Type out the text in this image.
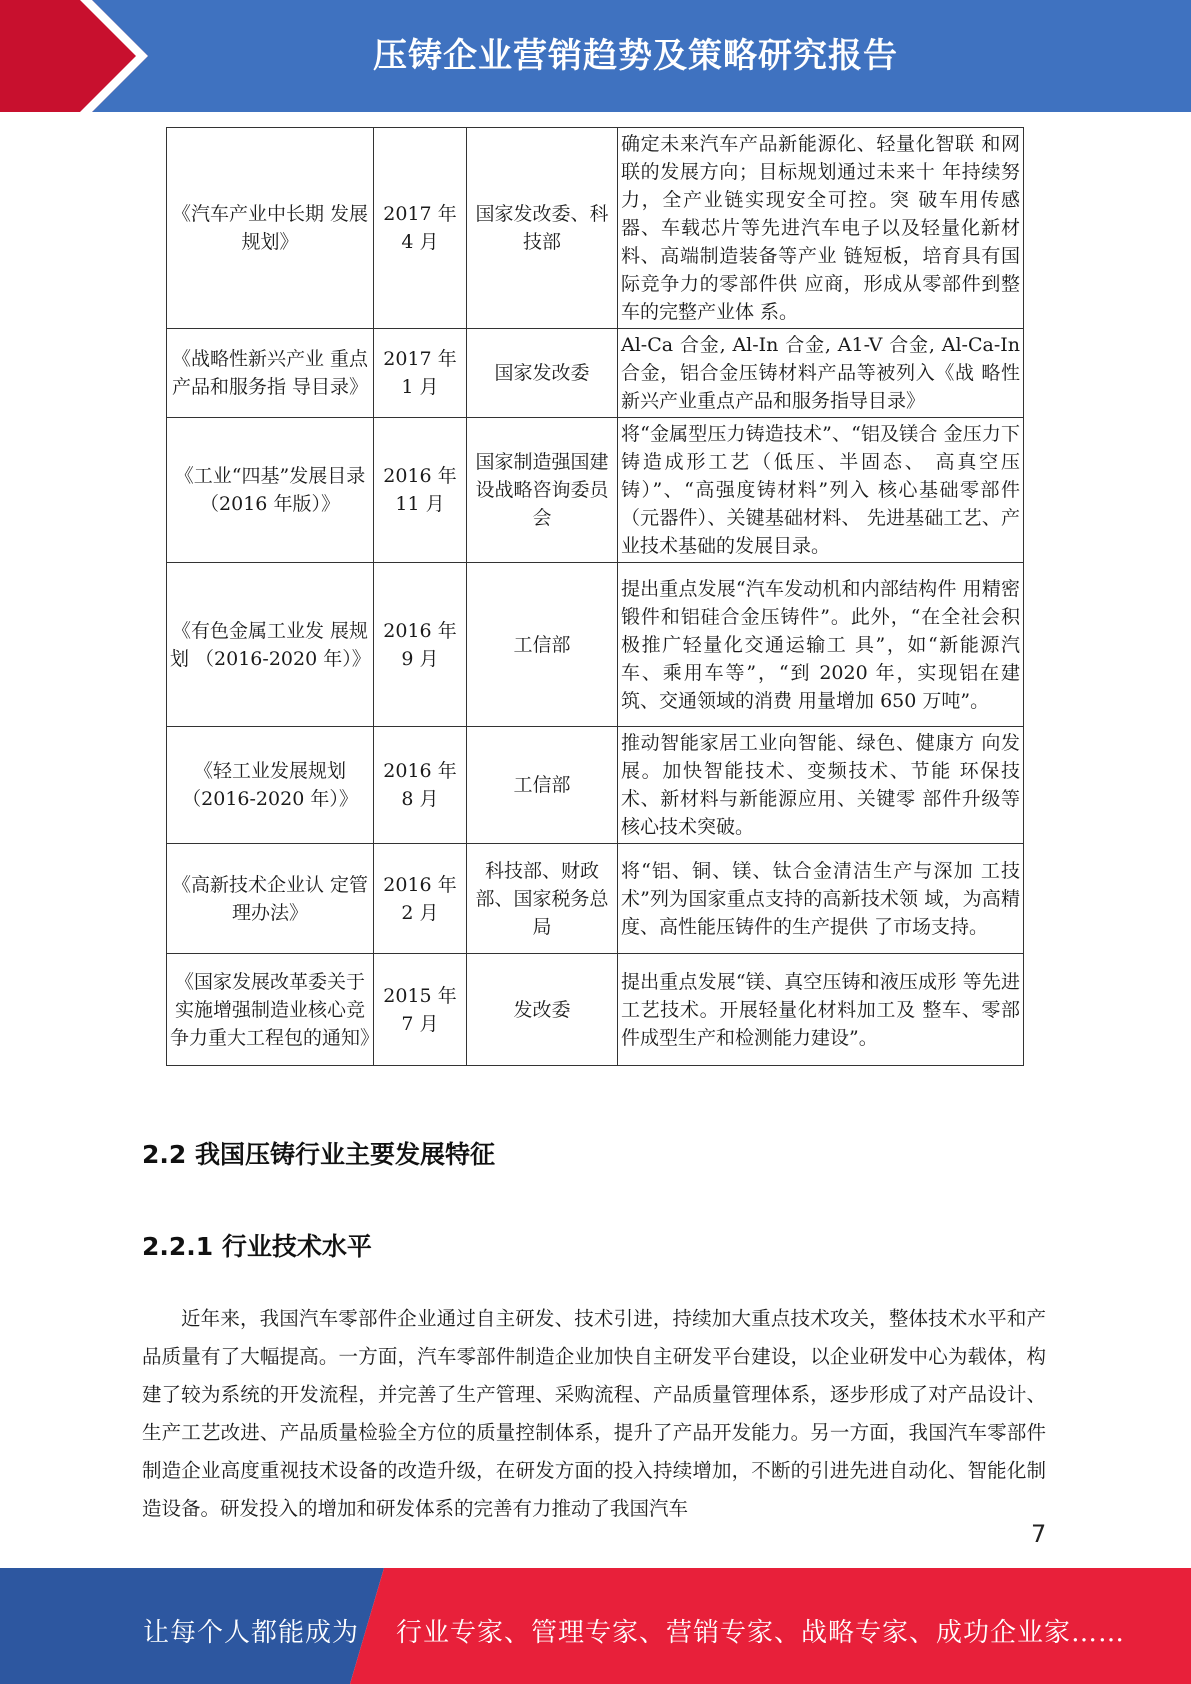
压铸企业营销趋势及策略研究报告
《汽车产业中长期 发展规划》	2017 年 4 月	国家发改委、科技部	确定未来汽车产品新能源化、轻量化智联 和网联的发展方向；目标规划通过未来十 年持续努力，全产业链实现安全可控。突 破车用传感器、车载芯片等先进汽车电子以及轻量化新材料、高端制造装备等产业 链短板，培育具有国际竞争力的零部件供 应商，形成从零部件到整车的完整产业体 系。
《战略性新兴产业 重点产品和服务指 导目录》	2017 年 1 月	国家发改委	Al-Ca 合金, Al-In 合金, A1-V 合金, Al-Ca-In 合金，铝合金压铸材料产品等被列入《战 略性新兴产业重点产品和服务指导目录》
《工业“四基”发展目录（2016 年版）》	2016 年 11 月	国家制造强国建设战略咨询委员会	将“金属型压力铸造技术”、“铝及镁合 金压力下铸造成形工艺（低压、半固态、 高真空压铸）”、“高强度铸材料”列入 核心基础零部件（元器件）、关键基础材料、 先进基础工艺、产业技术基础的发展目录。
《有色金属工业发 展规划 （2016-2020 年）》	2016 年 9 月	工信部	提出重点发展“汽车发动机和内部结构件 用精密锻件和铝硅合金压铸件”。此外，“在全社会积极推广轻量化交通运输工 具”，如“新能源汽车、乘用车等”，“到 2020 年，实现铝在建筑、交通领域的消费 用量增加 650 万吨”。
《轻工业发展规划 （2016-2020 年）》	2016 年 8 月	工信部	推动智能家居工业向智能、绿色、健康方 向发展。加快智能技术、变频技术、节能 环保技术、新材料与新能源应用、关键零 部件升级等核心技术突破。
《高新技术企业认 定管理办法》	2016 年 2 月	科技部、财政部、国家税务总局	将“铝、铜、镁、钛合金清洁生产与深加 工技术”列为国家重点支持的高新技术领 域，为高精度、高性能压铸件的生产提供 了市场支持。
《国家发展改革委关于实施增强制造业核心竞争力重大工程包的通知》	2015 年 7 月	发改委	提出重点发展“镁、真空压铸和液压成形 等先进工艺技术。开展轻量化材料加工及 整车、零部件成型生产和检测能力建设”。
2.2 我国压铸行业主要发展特征
2.2.1 行业技术水平

近年来，我国汽车零部件企业通过自主研发、技术引进，持续加大重点技术攻关，整体技术水平和产品质量有了大幅提高。一方面，汽车零部件制造企业加快自主研发平台建设，以企业研发中心为载体，构建了较为系统的开发流程，并完善了生产管理、采购流程、产品质量管理体系，逐步形成了对产品设计、生产工艺改进、产品质量检验全方位的质量控制体系，提升了产品开发能力。另一方面，我国汽车零部件制造企业高度重视技术设备的改造升级，在研发方面的投入持续增加，不断的引进先进自动化、智能化制造设备。研发投入的增加和研发体系的完善有力推动了我国汽车

7
让每个人都能成为 行业专家、管理专家、营销专家、战略专家、成功企业家……
